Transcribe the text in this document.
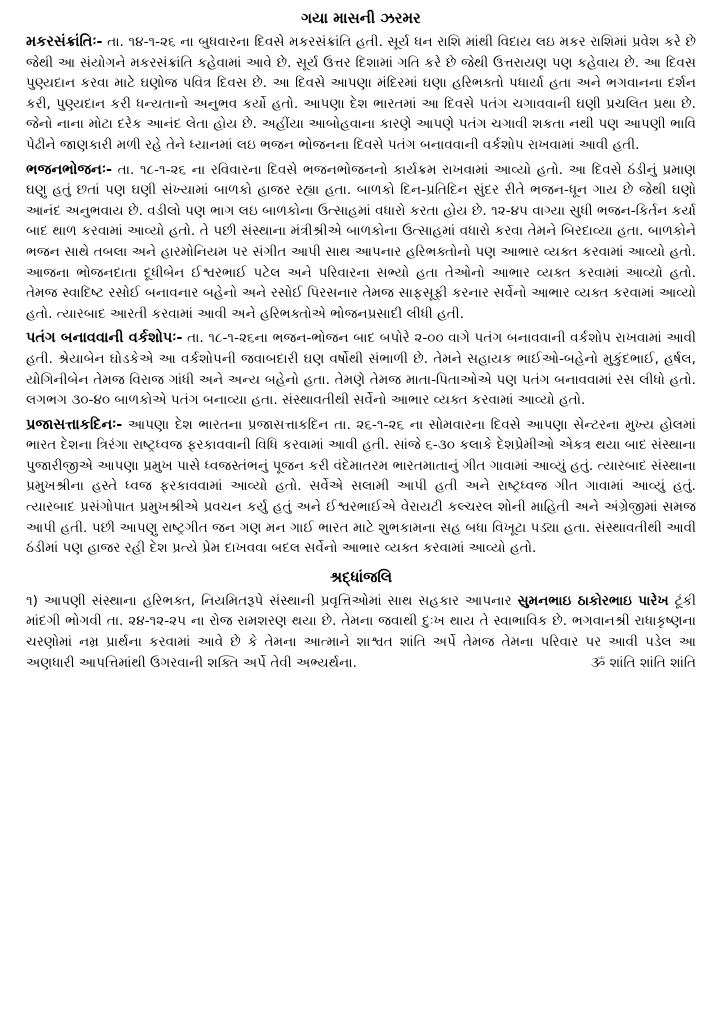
ગયા માસની ઝરમર

મકરસંક્રાંતિઃ- તા. ૧૪-૧-૨૬ ના બુધવારના દિવસે મકરસંક્રાંતિ હતી. સૂર્ય ધન રાશિ માંથી વિદાય લઇ મકર રાશિમાં પ્રવેશ કરે છે જેથી આ સંયોગને મકરસંક્રાંતિ કહેવામાં આવે છે. સૂર્ય ઉત્તર દિશામાં ગતિ કરે છે જેથી ઉત્તરાયણ પણ કહેવાય છે. આ દિવસ પુણ્યદાન કરવા માટે ઘણોજ પવિત્ર દિવસ છે. આ દિવસે આપણા મંદિરમાં ઘણા હરિભક્તો પધાર્યા હતા અને ભગવાનના દર્શન કરી, પુણ્યદાન કરી ધન્યતાનો અનુભવ કર્યો હતો. આપણા દેશ ભારતમાં આ દિવસે પતંગ ચગાવવાની ઘણી પ્રચલિત પ્રથા છે. જેનો નાના મોટા દરેક આનંદ લેતા હોય છે. અહીંયા આબોહવાના કારણે આપણે પતંગ ચગાવી શકતા નથી પણ આપણી ભાવિ પેઢીને જાણકારી મળી રહે તેને ધ્યાનમાં લઇ ભજન ભોજનના દિવસે પતંગ બનાવવાની વર્કશોપ રાખવામાં આવી હતી.

ભજનભોજનઃ- તા. ૧૮-૧-૨૬ ના રવિવારના દિવસે ભજનભોજનનો કાર્યક્રમ રાખવામાં આવ્યો હતો. આ દિવસે ઠંડીનું પ્રમાણ ઘણુ હતું છતાં પણ ઘણી સંખ્યામાં બાળકો હાજર રહ્યા હતા. બાળકો દિન-પ્રતિદિન સુંદર રીતે ભજન-ધૂન ગાય છે જેથી ઘણો આનંદ અનુભવાય છે. વડીલો પણ ભાગ લઇ બાળકોના ઉત્સાહમાં વધારો કરતા હોય છે. ૧૨-૪૫ વાગ્યા સુધી ભજન-કિર્તન કર્યા બાદ થાળ કરવામાં આવ્યો હતો. તે પછી સંસ્થાના મંત્રીશ્રીએ બાળકોના ઉત્સાહમાં વધારો કરવા તેમને બિરદાવ્યા હતા. બાળકોને ભજન સાથે તબલા અને હારમોનિયમ પર સંગીત આપી સાથ આપનાર હરિભક્તોનો પણ આભાર વ્યક્ત કરવામાં આવ્યો હતો. આજના ભોજનદાતા દૂધીબેન ઈશ્વરભાઈ પટેલ અને પરિવારના સભ્યો હતા તેઓનો આભાર વ્યક્ત કરવામાં આવ્યો હતો. તેમજ સ્વાદિષ્ટ રસોઈ બનાવનાર બહેનો અને રસોઈ પિરસનાર તેમજ સાફસૂફી કરનાર સર્વેનો આભાર વ્યક્ત કરવામાં આવ્યો હતો. ત્યારબાદ આરતી કરવામાં આવી અને હરિભક્તોએ ભોજનપ્રસાદી લીધી હતી.

પતંગ બનાવવાની વર્કશોપઃ- તા. ૧૮-૧-૨૬ના ભજન-ભોજન બાદ બપોરે ૨-૦૦ વાગે પતંગ બનાવવાની વર્કશોપ રાખવામાં આવી હતી. શ્રેયાબેન ઘોડકેએ આ વર્કશોપની જવાબદારી ઘણ વર્ષોથી સંભાળી છે. તેમને સહાયક ભાઈઓ-બહેનો મુકુંદભાઈ, હર્ષલ, યોગિનીબેન તેમજ વિરાજ ગાંધી અને અન્ય બહેનો હતા. તેમણે તેમજ માતા-પિતાઓએ પણ પતંગ બનાવવામાં રસ લીધો હતો. લગભગ ૩૦-૪૦ બાળકોએ પતંગ બનાવ્યા હતા. સંસ્થાવતીથી સર્વેનો આભાર વ્યક્ત કરવામાં આવ્યો હતો.

પ્રજાસત્તાકદિનઃ- આપણા દેશ ભારતના પ્રજાસત્તાકદિન તા. ૨૬-૧-૨૬ ના સોમવારના દિવસે આપણા સેન્ટરના મુખ્ય હોલમાં ભારત દેશના ત્રિરંગા રાષ્ટ્રધ્વજ ફરકાવવાની વિધિ કરવામાં આવી હતી. સાંજે ૬-૩૦ કલાકે દેશપ્રેમીઓ એકત્ર થયા બાદ સંસ્થાના પુજારીજીએ આપણા પ્રમુખ પાસે ધ્વજસ્તંભનું પૂજન કરી વંદેમાતરમ ભારતમાતાનું ગીત ગાવામાં આવ્યું હતું. ત્યારબાદ સંસ્થાના પ્રમુખશ્રીના હસ્તે ધ્વજ ફરકાવવામાં આવ્યો હતો. સર્વેએ સલામી આપી હતી અને રાષ્ટ્રધ્વજ ગીત ગાવામાં આવ્યું હતું. ત્યારબાદ પ્રસંગોપાત પ્રમુખશ્રીએ પ્રવચન કર્યુ હતું અને ઈશ્વરભાઈએ વેરાયટી કલ્ચરલ શોની માહિતી અને અંગ્રેજીમાં સમજ આપી હતી. પછી આપણુ રાષ્ટ્રગીત જન ગણ મન ગાઈ ભારત માટે શુભકામના સહ બધા વિખૂટા પડ્યા હતા. સંસ્થાવતીથી આવી ઠંડીમાં પણ હાજર રહી દેશ પ્રત્યે પ્રેમ દાખવવા બદલ સર્વેનો આભાર વ્યક્ત કરવામાં આવ્યો હતો.

શ્રદ્ધાંજલિ

૧) આપણી સંસ્થાના હરિભક્ત, નિયમિતરૂપે સંસ્થાની પ્રવૃત્તિઓમાં સાથ સહકાર આપનાર સુમનભાઇ ઠાકોરભાઇ પારેખ ટૂંકી માંદગી ભોગવી તા. ૨૪-૧૨-૨૫ ના રોજ રામશરણ થયા છે. તેમના જવાથી દુઃખ થાય તે સ્વાભાવિક છે. ભગવાનશ્રી રાધાકૃષ્ણના ચરણોમાં નમ્ર પ્રાર્થના કરવામાં આવે છે કે તેમના આત્માને શાશ્વત શાંતિ અર્પે તેમજ તેમના પરિવાર પર આવી પડેલ આ અણધારી આપત્તિમાંથી ઉગરવાની શક્તિ અર્પે તેવી અભ્યર્થના.	ૐ શાંતિ શાંતિ શાંતિ
